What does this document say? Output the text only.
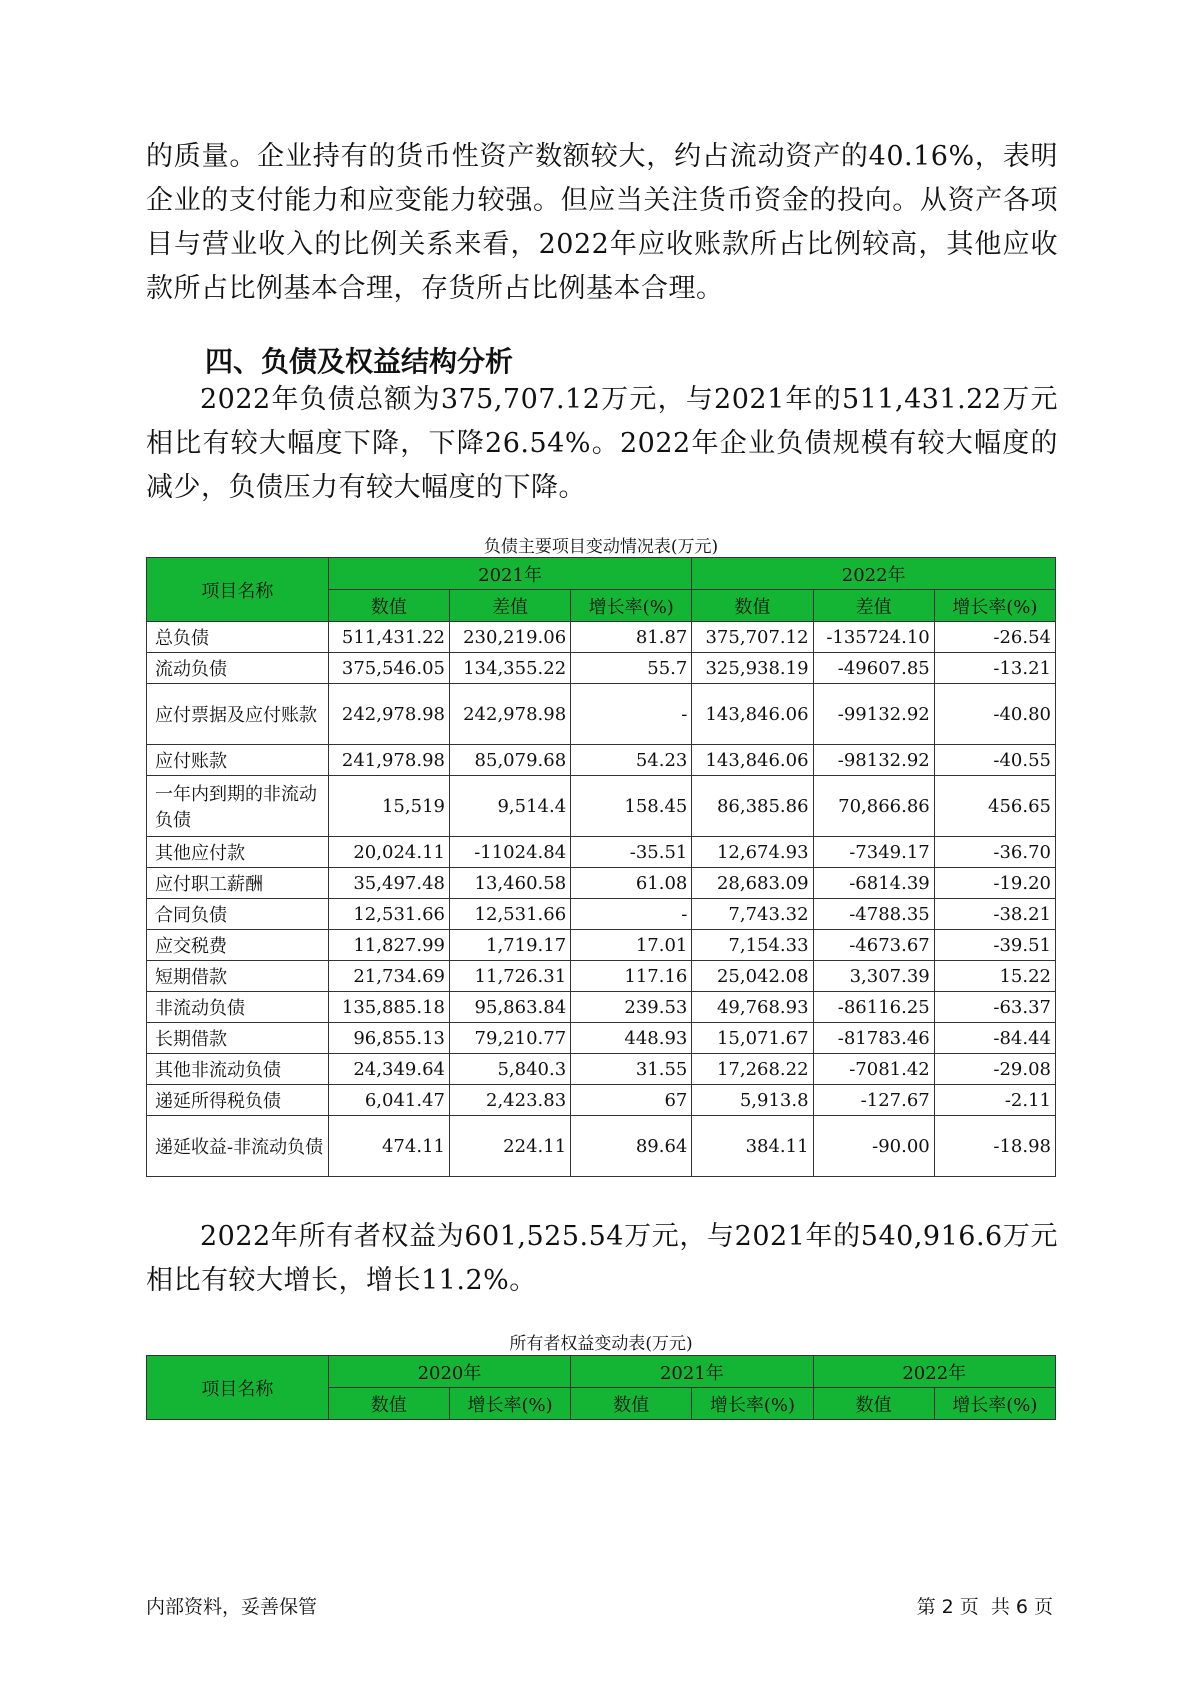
的质量。企业持有的货币性资产数额较大，约占流动资产的40.16%，表明企业的支付能力和应变能力较强。但应当关注货币资金的投向。从资产各项目与营业收入的比例关系来看，2022年应收账款所占比例较高，其他应收款所占比例基本合理，存货所占比例基本合理。

四、负债及权益结构分析

2022年负债总额为375,707.12万元，与2021年的511,431.22万元相比有较大幅度下降，下降26.54%。2022年企业负债规模有较大幅度的减少，负债压力有较大幅度的下降。

负债主要项目变动情况表(万元)

项目名称	2021年			2022年		
	数值	差值	增长率(%)	数值	差值	增长率(%)
总负债	511,431.22	230,219.06	81.87	375,707.12	-135724.10	-26.54
流动负债	375,546.05	134,355.22	55.7	325,938.19	-49607.85	-13.21
应付票据及应付账款	242,978.98	242,978.98	-	143,846.06	-99132.92	-40.80
应付账款	241,978.98	85,079.68	54.23	143,846.06	-98132.92	-40.55
一年内到期的非流动负债	15,519	9,514.4	158.45	86,385.86	70,866.86	456.65
其他应付款	20,024.11	-11024.84	-35.51	12,674.93	-7349.17	-36.70
应付职工薪酬	35,497.48	13,460.58	61.08	28,683.09	-6814.39	-19.20
合同负债	12,531.66	12,531.66	-	7,743.32	-4788.35	-38.21
应交税费	11,827.99	1,719.17	17.01	7,154.33	-4673.67	-39.51
短期借款	21,734.69	11,726.31	117.16	25,042.08	3,307.39	15.22
非流动负债	135,885.18	95,863.84	239.53	49,768.93	-86116.25	-63.37
长期借款	96,855.13	79,210.77	448.93	15,071.67	-81783.46	-84.44
其他非流动负债	24,349.64	5,840.3	31.55	17,268.22	-7081.42	-29.08
递延所得税负债	6,041.47	2,423.83	67	5,913.8	-127.67	-2.11
递延收益-非流动负债	474.11	224.11	89.64	384.11	-90.00	-18.98

2022年所有者权益为601,525.54万元，与2021年的540,916.6万元相比有较大增长，增长11.2%。

所有者权益变动表(万元)

项目名称	2020年		2021年		2022年	
	数值	增长率(%)	数值	增长率(%)	数值	增长率(%)
内部资料，妥善保管	第 2 页  共 6 页
